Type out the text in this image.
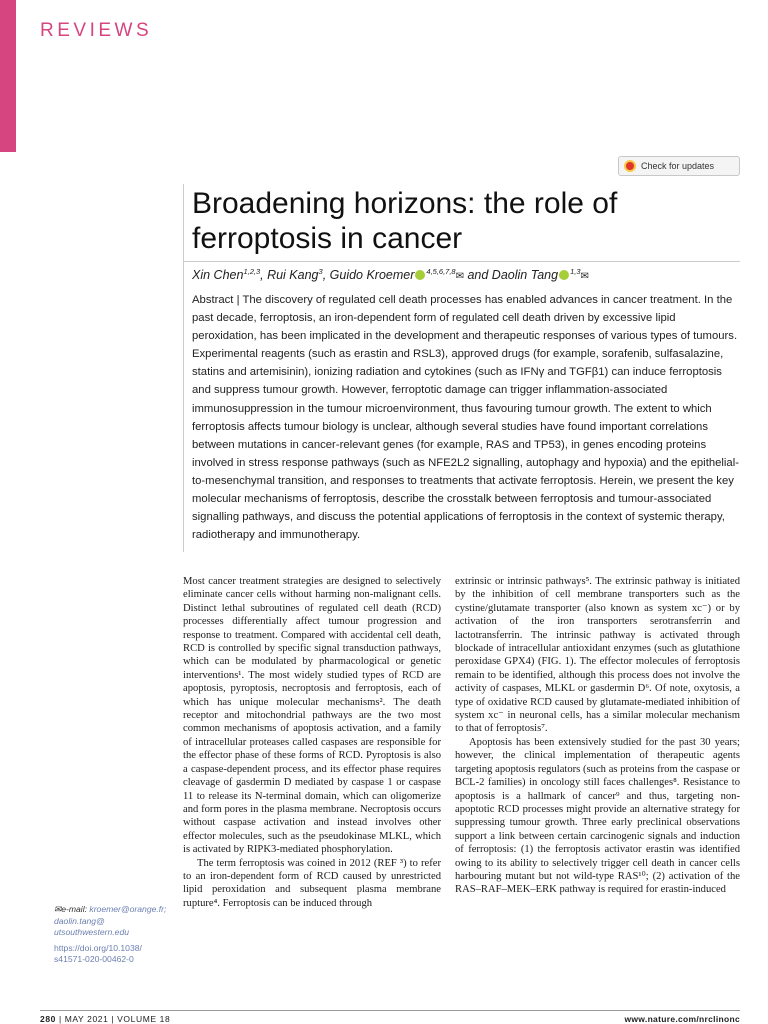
REVIEWS
Check for updates
Broadening horizons: the role of ferroptosis in cancer
Xin Chen$^{1,2,3}$, Rui Kang$^3$, Guido Kroemer $^{4,5,6,7,8}$✉ and Daolin Tang $^{1,3}$✉

Abstract | The discovery of regulated cell death processes has enabled advances in cancer treatment. In the past decade, ferroptosis, an iron-dependent form of regulated cell death driven by excessive lipid peroxidation, has been implicated in the development and therapeutic responses of various types of tumours. Experimental reagents (such as erastin and RSL3), approved drugs (for example, sorafenib, sulfasalazine, statins and artemisinin), ionizing radiation and cytokines (such as IFNγ and TGFβ1) can induce ferroptosis and suppress tumour growth. However, ferroptotic damage can trigger inflammation-associated immunosuppression in the tumour microenvironment, thus favouring tumour growth. The extent to which ferroptosis affects tumour biology is unclear, although several studies have found important correlations between mutations in cancer-relevant genes (for example, RAS and TP53), in genes encoding proteins involved in stress response pathways (such as NFE2L2 signalling, autophagy and hypoxia) and the epithelial-to-mesenchymal transition, and responses to treatments that activate ferroptosis. Herein, we present the key molecular mechanisms of ferroptosis, describe the crosstalk between ferroptosis and tumour-associated signalling pathways, and discuss the potential applications of ferroptosis in the context of systemic therapy, radiotherapy and immunotherapy.

Most cancer treatment strategies are designed to selectively eliminate cancer cells without harming non-malignant cells. Distinct lethal subroutines of regulated cell death (RCD) processes differentially affect tumour progression and response to treatment. Compared with accidental cell death, RCD is controlled by specific signal transduction pathways, which can be modulated by pharmacological or genetic interventions¹. The most widely studied types of RCD are apoptosis, pyroptosis, necroptosis and ferroptosis, each of which has unique molecular mechanisms². The death receptor and mitochondrial pathways are the two most common mechanisms of apoptosis activation, and a family of intracellular proteases called caspases are responsible for the effector phase of these forms of RCD. Pyroptosis is also a caspase-dependent process, and its effector phase requires cleavage of gasdermin D mediated by caspase 1 or caspase 11 to release its N-terminal domain, which can oligomerize and form pores in the plasma membrane. Necroptosis occurs without caspase activation and instead involves other effector molecules, such as the pseudokinase MLKL, which is activated by RIPK3-mediated phosphorylation.

The term ferroptosis was coined in 2012 (REF ³) to refer to an iron-dependent form of RCD caused by unrestricted lipid peroxidation and subsequent plasma membrane rupture⁴. Ferroptosis can be induced through

extrinsic or intrinsic pathways⁵. The extrinsic pathway is initiated by the inhibition of cell membrane transporters such as the cystine/glutamate transporter (also known as system xc⁻) or by activation of the iron transporters serotransferrin and lactotransferrin. The intrinsic pathway is activated through blockade of intracellular antioxidant enzymes (such as glutathione peroxidase GPX4) (FIG. 1). The effector molecules of ferroptosis remain to be identified, although this process does not involve the activity of caspases, MLKL or gasdermin D⁶. Of note, oxytosis, a type of oxidative RCD caused by glutamate-mediated inhibition of system xc⁻ in neuronal cells, has a similar molecular mechanism to that of ferroptosis⁷.

Apoptosis has been extensively studied for the past 30 years; however, the clinical implementation of therapeutic agents targeting apoptosis regulators (such as proteins from the caspase or BCL-2 families) in oncology still faces challenges⁸. Resistance to apoptosis is a hallmark of cancer⁹ and thus, targeting non-apoptotic RCD processes might provide an alternative strategy for suppressing tumour growth. Three early preclinical observations support a link between certain carcinogenic signals and induction of ferroptosis: (1) the ferroptosis activator erastin was identified owing to its ability to selectively trigger cell death in cancer cells harbouring mutant but not wild-type RAS¹⁰; (2) activation of the RAS–RAF–MEK–ERK pathway is required for erastin-induced

✉e-mail: kroemer@orange.fr;
daolin.tang@
utsouthwestern.edu
https://doi.org/10.1038/
s41571-020-00462-0
280 | MAY 2021 | VOLUME 18	www.nature.com/nrclinonc
